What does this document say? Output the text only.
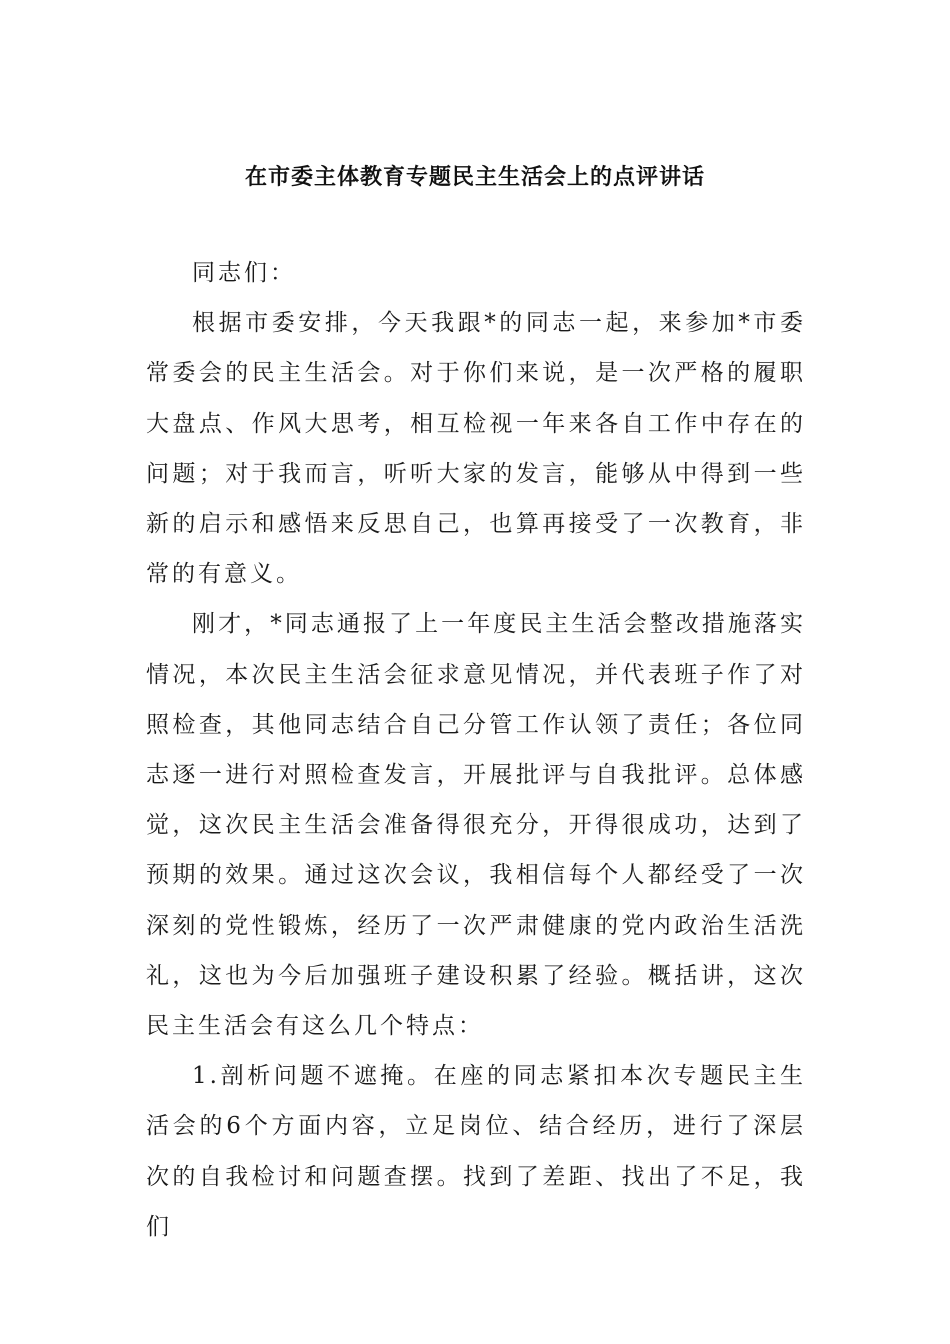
在市委主体教育专题民主生活会上的点评讲话

同志们：

根据市委安排，今天我跟*的同志一起，来参加*市委常委会的民主生活会。对于你们来说，是一次严格的履职大盘点、作风大思考，相互检视一年来各自工作中存在的问题；对于我而言，听听大家的发言，能够从中得到一些新的启示和感悟来反思自己，也算再接受了一次教育，非常的有意义。

刚才，*同志通报了上一年度民主生活会整改措施落实情况，本次民主生活会征求意见情况，并代表班子作了对照检查，其他同志结合自己分管工作认领了责任；各位同志逐一进行对照检查发言，开展批评与自我批评。总体感觉，这次民主生活会准备得很充分，开得很成功，达到了预期的效果。通过这次会议，我相信每个人都经受了一次深刻的党性锻炼，经历了一次严肃健康的党内政治生活洗礼，这也为今后加强班子建设积累了经验。概括讲，这次民主生活会有这么几个特点：

1.剖析问题不遮掩。在座的同志紧扣本次专题民主生活会的6个方面内容，立足岗位、结合经历，进行了深层次的自我检讨和问题查摆。找到了差距、找出了不足，我们
